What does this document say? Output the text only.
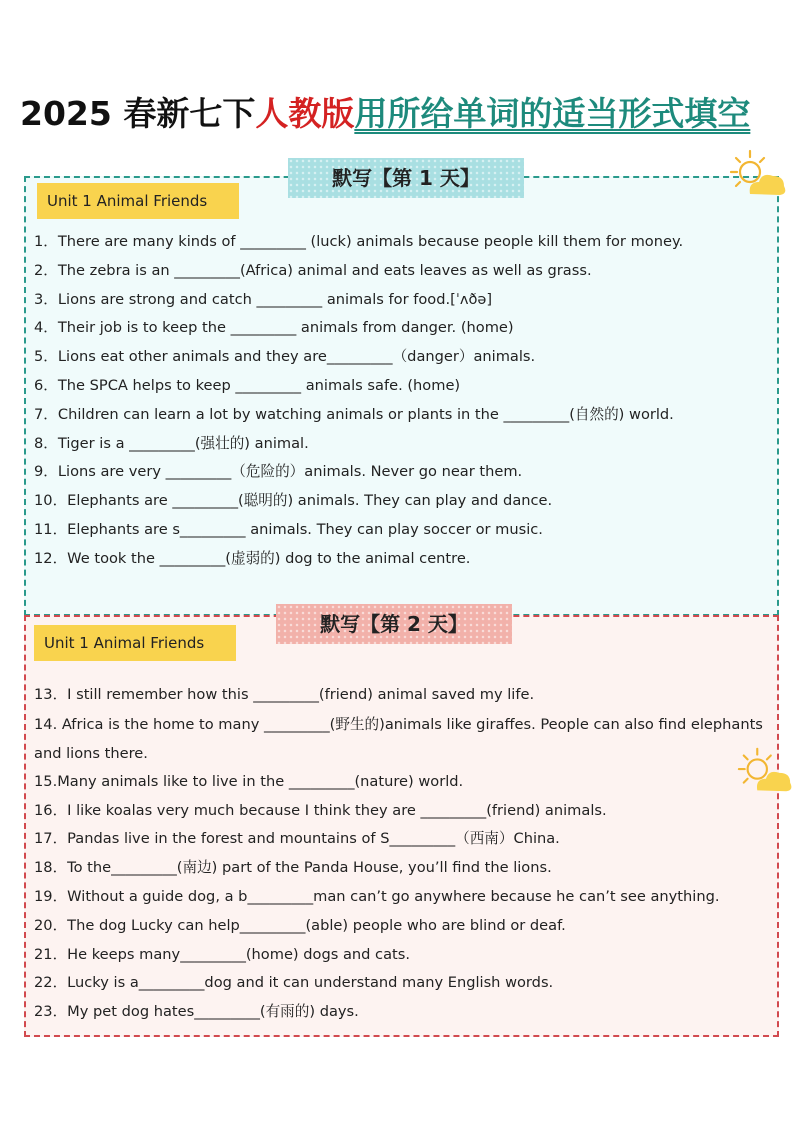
2025 春新七下人教版用所给单词的适当形式填空
默写【第 1 天】
Unit 1 Animal Friends
1．There are many kinds of _________ (luck) animals because people kill them for money.
2．The zebra is an _________(Africa) animal and eats leaves as well as grass.
3．Lions are strong and catch _________ animals for food.[ˈʌðə]
4．Their job is to keep the _________ animals from danger. (home)
5．Lions eat other animals and they are_________（danger）animals.
6．The SPCA helps to keep _________ animals safe. (home)
7．Children can learn a lot by watching animals or plants in the _________(自然的) world.
8．Tiger is a _________(强壮的) animal.
9．Lions are very _________（危险的）animals. Never go near them.
10．Elephants are _________(聪明的) animals. They can play and dance.
11．Elephants are s_________ animals. They can play soccer or music.
12．We took the _________(虚弱的) dog to the animal centre.
默写【第 2 天】
Unit 1 Animal Friends
13．I still remember how this _________(friend) animal saved my life.
14. Africa is the home to many _________(野生的)animals like giraffes. People can also find elephants and lions there.
15.Many animals like to live in the _________(nature) world.
16．I like koalas very much because I think they are _________(friend) animals.
17．Pandas live in the forest and mountains of S_________（西南）China.
18．To the_________(南边) part of the Panda House, you’ll find the lions.
19．Without a guide dog, a b_________man can’t go anywhere because he can’t see anything.
20．The dog Lucky can help_________(able) people who are blind or deaf.
21．He keeps many_________(home) dogs and cats.
22．Lucky is a_________dog and it can understand many English words.
23．My pet dog hates_________(有雨的) days.
